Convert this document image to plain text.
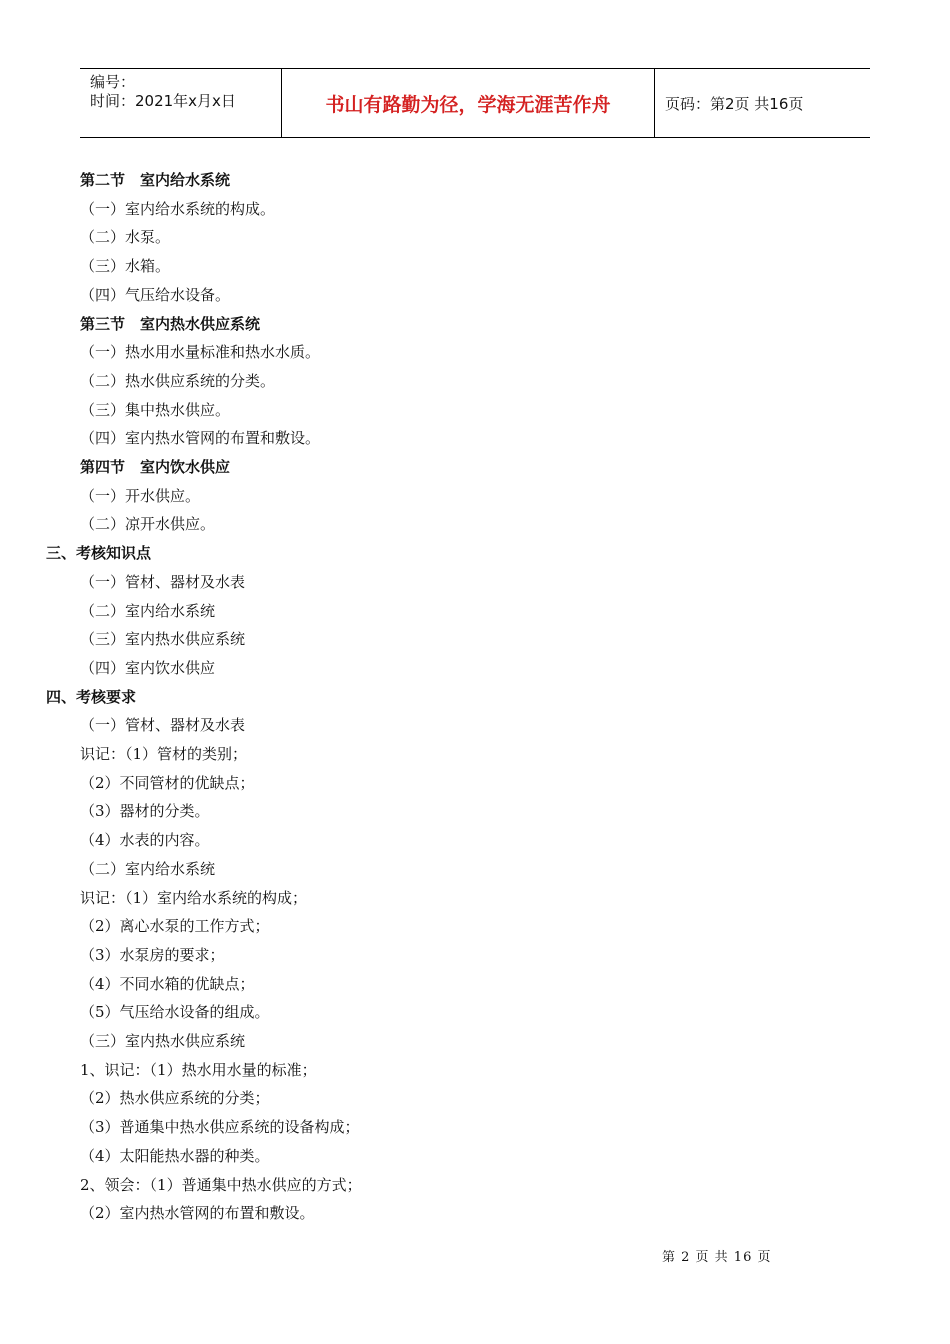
编号：
时间：2021年x月x日	书山有路勤为径，学海无涯苦作舟	页码：第2页 共16页
第二节　室内给水系统
（一）室内给水系统的构成。
（二）水泵。
（三）水箱。
（四）气压给水设备。
第三节　室内热水供应系统
（一）热水用水量标准和热水水质。
（二）热水供应系统的分类。
（三）集中热水供应。
（四）室内热水管网的布置和敷设。
第四节　室内饮水供应
（一）开水供应。
（二）凉开水供应。
三、考核知识点
（一）管材、器材及水表
（二）室内给水系统
（三）室内热水供应系统
（四）室内饮水供应
四、考核要求
（一）管材、器材及水表
识记：（1）管材的类别；
（2）不同管材的优缺点；
（3）器材的分类。
（4）水表的内容。
（二）室内给水系统
识记：（1）室内给水系统的构成；
（2）离心水泵的工作方式；
（3）水泵房的要求；
（4）不同水箱的优缺点；
（5）气压给水设备的组成。
（三）室内热水供应系统
1、识记：（1）热水用水量的标准；
（2）热水供应系统的分类；
（3）普通集中热水供应系统的设备构成；
（4）太阳能热水器的种类。
2、领会：（1）普通集中热水供应的方式；
（2）室内热水管网的布置和敷设。
第 2 页 共 16 页
